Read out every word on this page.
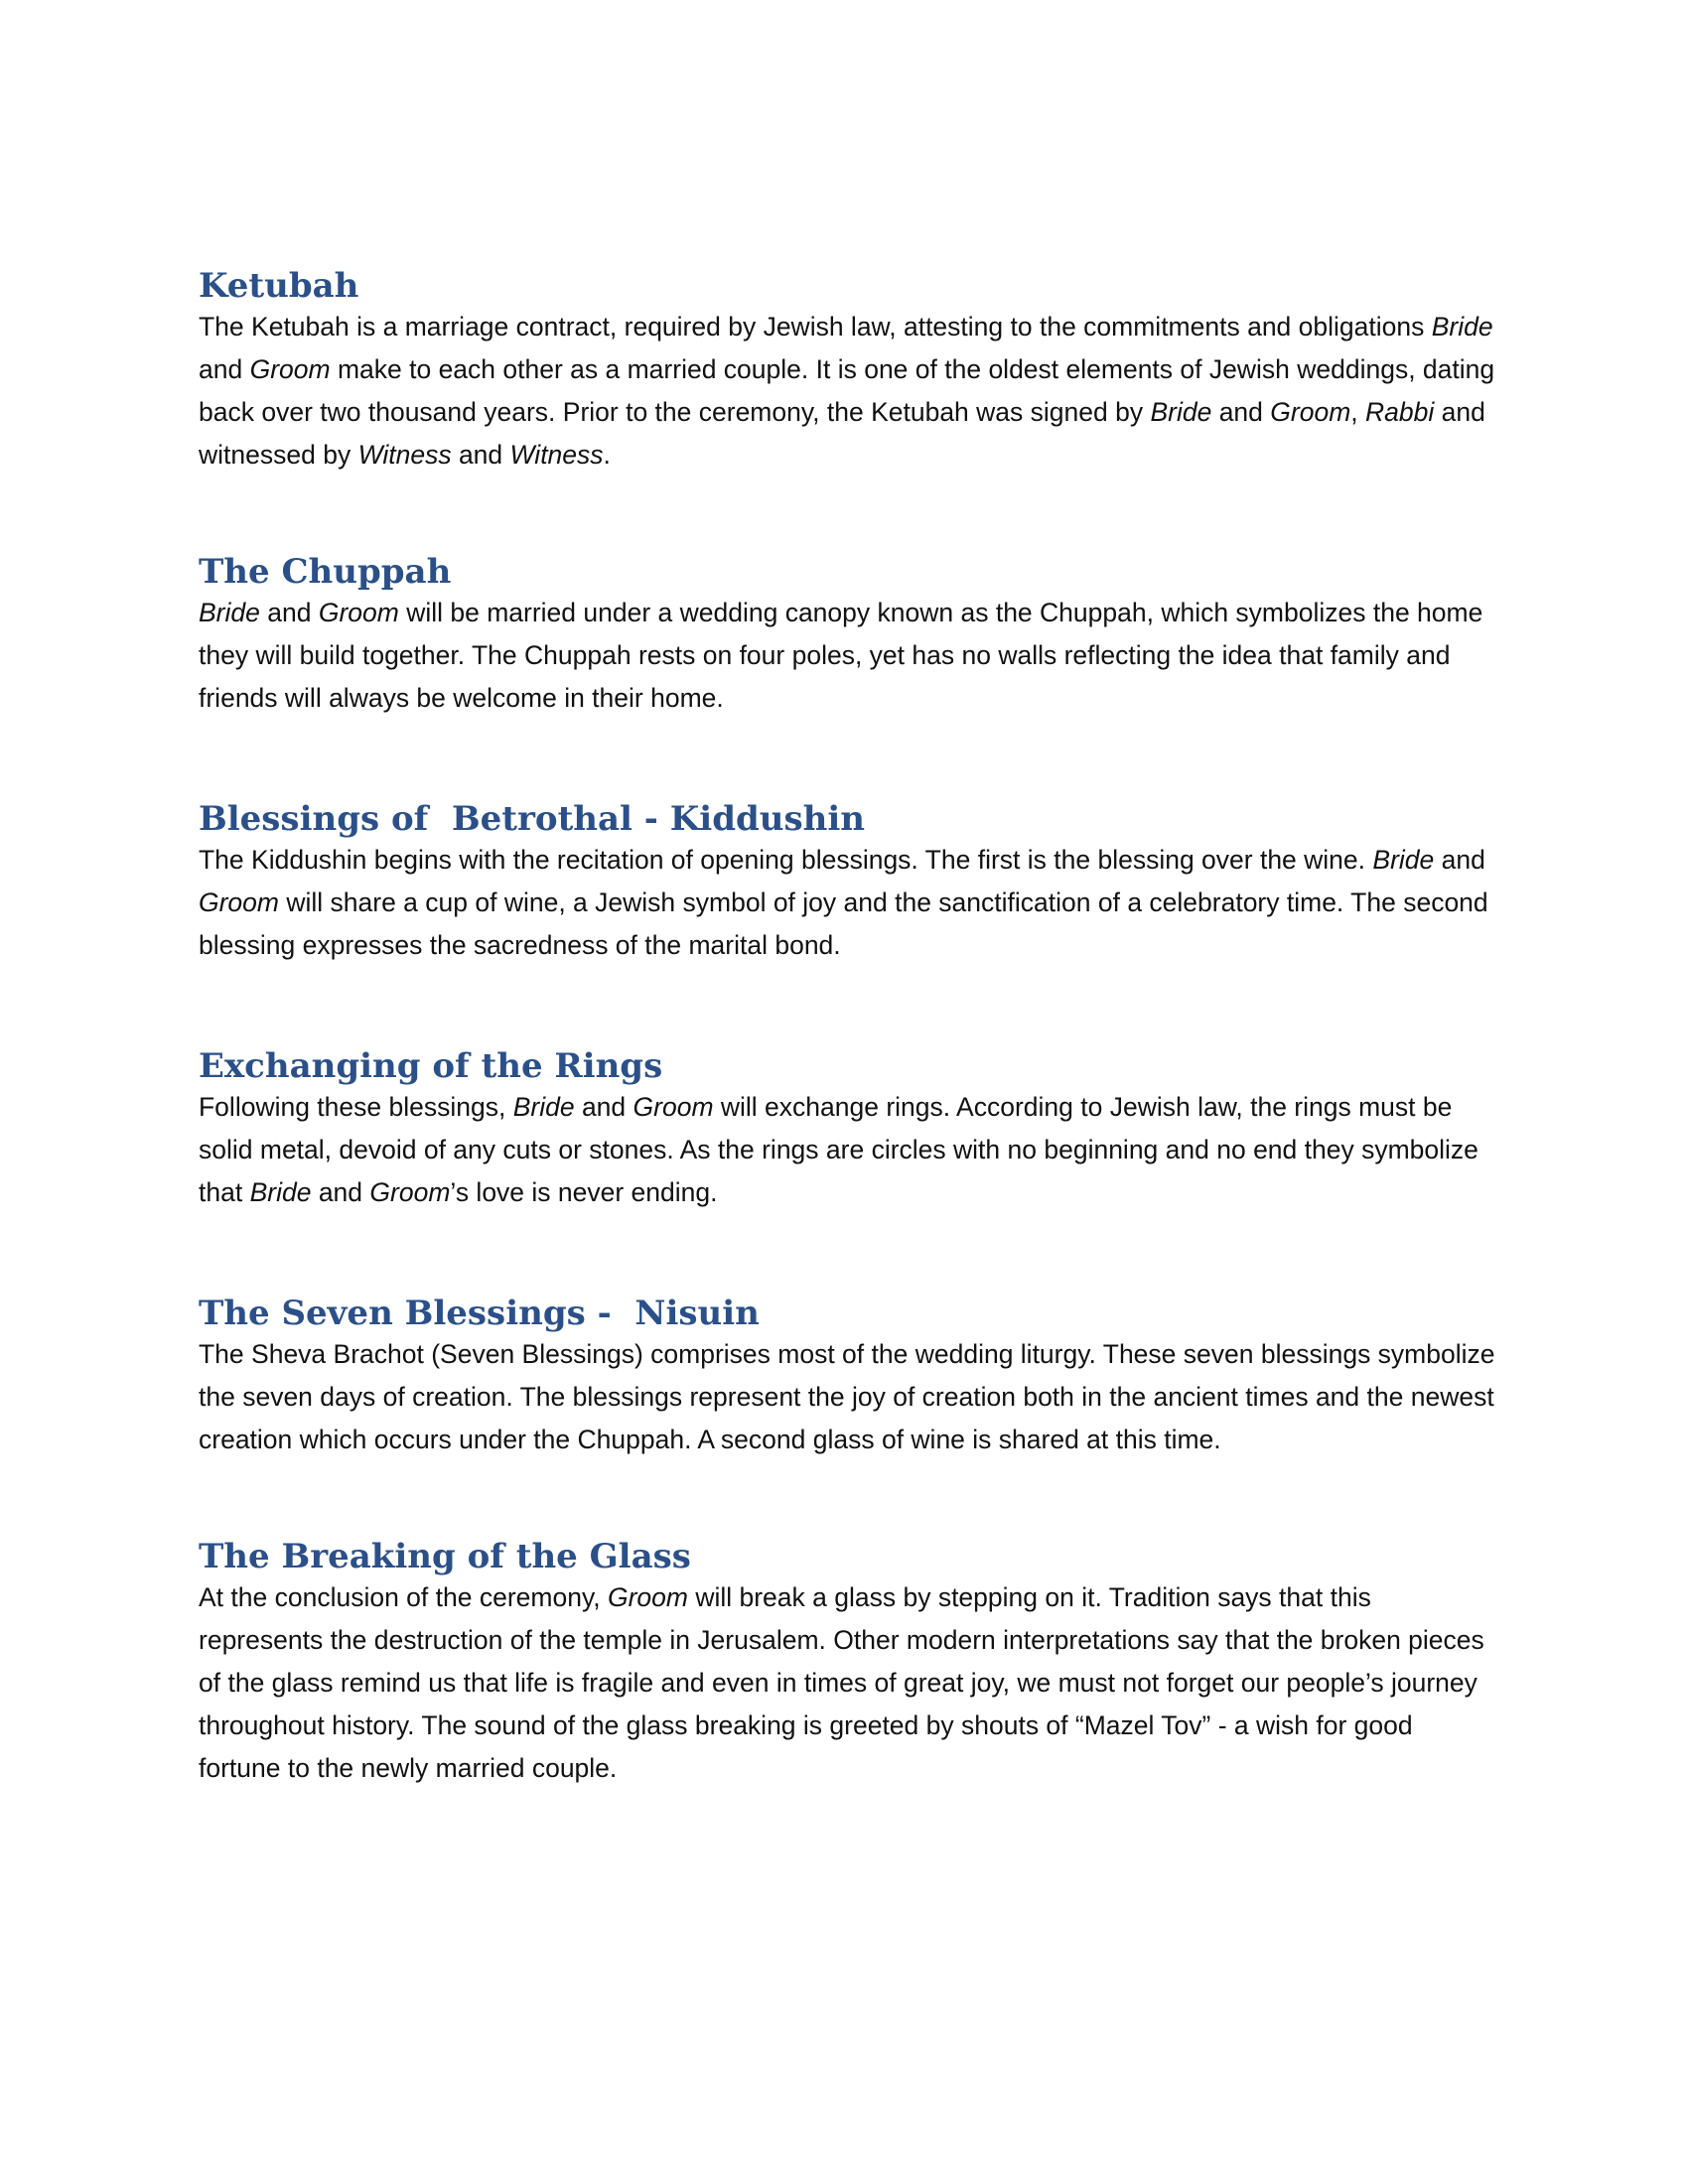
Ketubah

The Ketubah is a marriage contract, required by Jewish law, attesting to the commitments and obligations Bride and Groom make to each other as a married couple. It is one of the oldest elements of Jewish weddings, dating back over two thousand years. Prior to the ceremony, the Ketubah was signed by Bride and Groom, Rabbi and witnessed by Witness and Witness.

The Chuppah

Bride and Groom will be married under a wedding canopy known as the Chuppah, which symbolizes the home they will build together. The Chuppah rests on four poles, yet has no walls reflecting the idea that family and friends will always be welcome in their home.

Blessings of  Betrothal - Kiddushin

The Kiddushin begins with the recitation of opening blessings. The first is the blessing over the wine. Bride and Groom will share a cup of wine, a Jewish symbol of joy and the sanctification of a celebratory time. The second blessing expresses the sacredness of the marital bond.

Exchanging of the Rings

Following these blessings, Bride and Groom will exchange rings. According to Jewish law, the rings must be solid metal, devoid of any cuts or stones. As the rings are circles with no beginning and no end they symbolize that Bride and Groom’s love is never ending.

The Seven Blessings -  Nisuin

The Sheva Brachot (Seven Blessings) comprises most of the wedding liturgy. These seven blessings symbolize the seven days of creation. The blessings represent the joy of creation both in the ancient times and the newest creation which occurs under the Chuppah. A second glass of wine is shared at this time.

The Breaking of the Glass

At the conclusion of the ceremony, Groom will break a glass by stepping on it. Tradition says that this represents the destruction of the temple in Jerusalem. Other modern interpretations say that the broken pieces of the glass remind us that life is fragile and even in times of great joy, we must not forget our people’s journey throughout history. The sound of the glass breaking is greeted by shouts of “Mazel Tov” - a wish for good fortune to the newly married couple.
